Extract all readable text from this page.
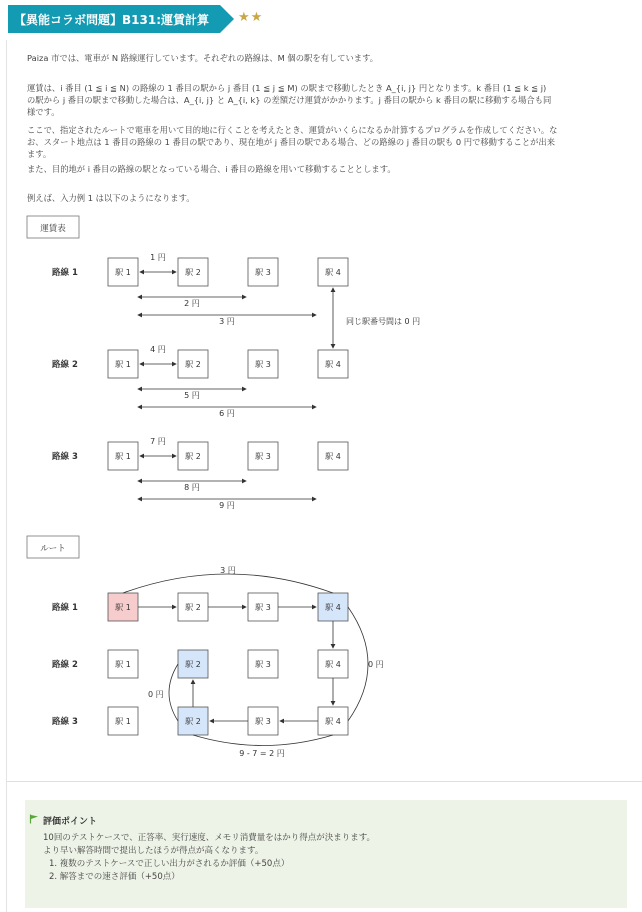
【異能コラボ問題】B131:運賃計算 ★★
Paiza 市では、電車が N 路線運行しています。それぞれの路線は、M 個の駅を有しています。
運賃は、i 番目 (1 ≦ i ≦ N) の路線の 1 番目の駅から j 番目 (1 ≦ j ≦ M) の駅まで移動したとき A_{i, j} 円となります。k 番目 (1 ≦ k ≦ j)
の駅から j 番目の駅まで移動した場合は、A_{i, j} と A_{i, k} の差額だけ運賃がかかります。j 番目の駅から k 番目の駅に移動する場合も同
様です。
ここで、指定されたルートで電車を用いて目的地に行くことを考えたとき、運賃がいくらになるか計算するプログラムを作成してください。な
お、スタート地点は 1 番目の路線の 1 番目の駅であり、現在地が j 番目の駅である場合、どの路線の j 番目の駅も 0 円で移動することが出来
ます。
また、目的地が i 番目の路線の駅となっている場合、i 番目の路線を用いて移動することとします。
例えば、入力例 1 は以下のようになります。
運賃表
路線 1	駅 1	駅 2	駅 3	駅 4
1 円
2 円
3 円	同じ駅番号間は 0 円
路線 2	駅 1	駅 2	駅 3	駅 4
4 円
5 円
6 円
路線 3	駅 1	駅 2	駅 3	駅 4
7 円
8 円
9 円
ルート
路線 1	駅 1	駅 2	駅 3	駅 4
3 円
路線 2	駅 1	駅 2	駅 3	駅 4	0 円
路線 3	駅 1	駅 2	駅 3	駅 4
0 円
9 - 7 = 2 円
評価ポイント
10回のテストケースで、正答率、実行速度、メモリ消費量をはかり得点が決まります。
より早い解答時間で提出したほうが得点が高くなります。
1. 複数のテストケースで正しい出力がされるか評価（+50点）
2. 解答までの速さ評価（+50点）
